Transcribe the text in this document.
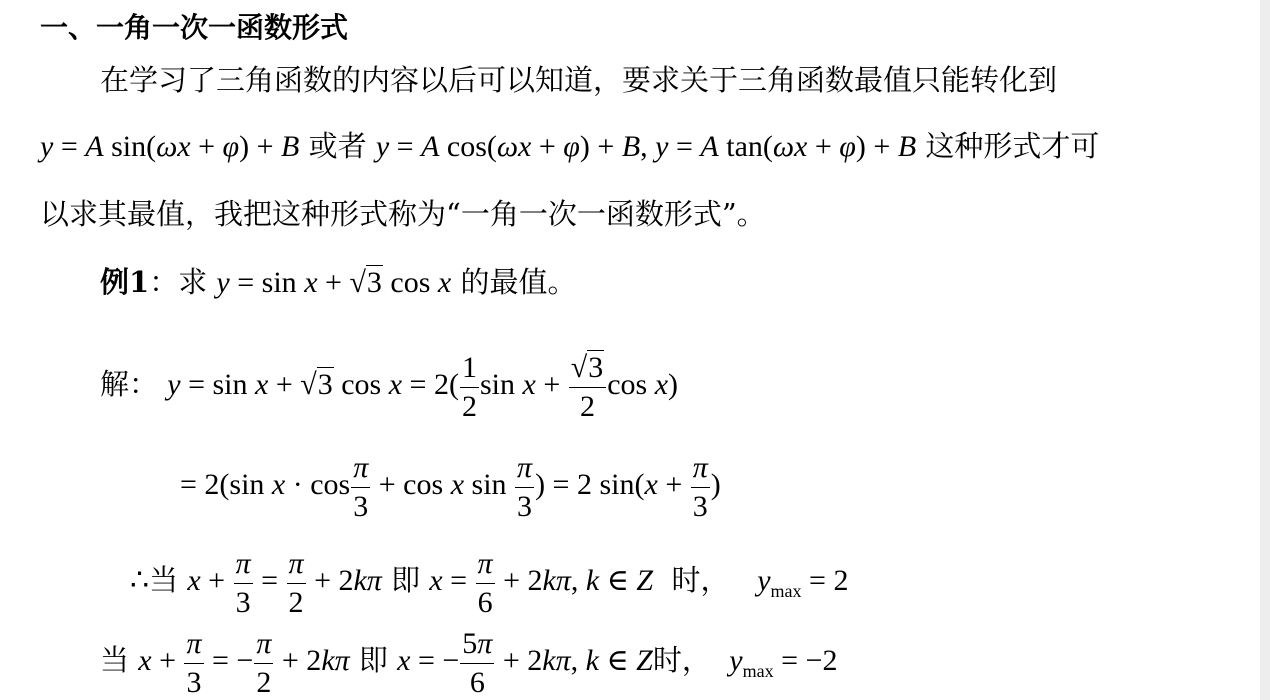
一、一角一次一函数形式
在学习了三角函数的内容以后可以知道，要求关于三角函数最值只能转化到
y = A sin(ωx + φ) + B 或者 y = A cos(ωx + φ) + B, y = A tan(ωx + φ) + B 这种形式才可
以求其最值，我把这种形式称为“一角一次一函数形式”。
例1：求 y = sin x + √3 cos x 的最值。
解： y = sin x + √3 $\cos x = 2( \frac{1}{2}$ $\sin x + \frac{√3}{2}$ cos x)
= 2(sin $x \cdot \cos \frac{\pi}{3} + \cos x$ $\sin \frac{\pi}{3}$ ) = 2 $\sin(x + \frac{\pi}{3}$ )
∴当 $x + \frac{\pi}{3} = \frac{\pi}{2} + 2k\pi$ 即 $x = \frac{\pi}{6} + 2k\pi$, k ∈ Z 时， $y_{max} = 2$
当 $x + \frac{\pi}{3}$ = − $\frac{\pi}{2} + 2k\pi$ 即 x = − $\frac{5\pi}{6} + 2k\pi$, k ∈ Z时， $y_{max} = -2$
